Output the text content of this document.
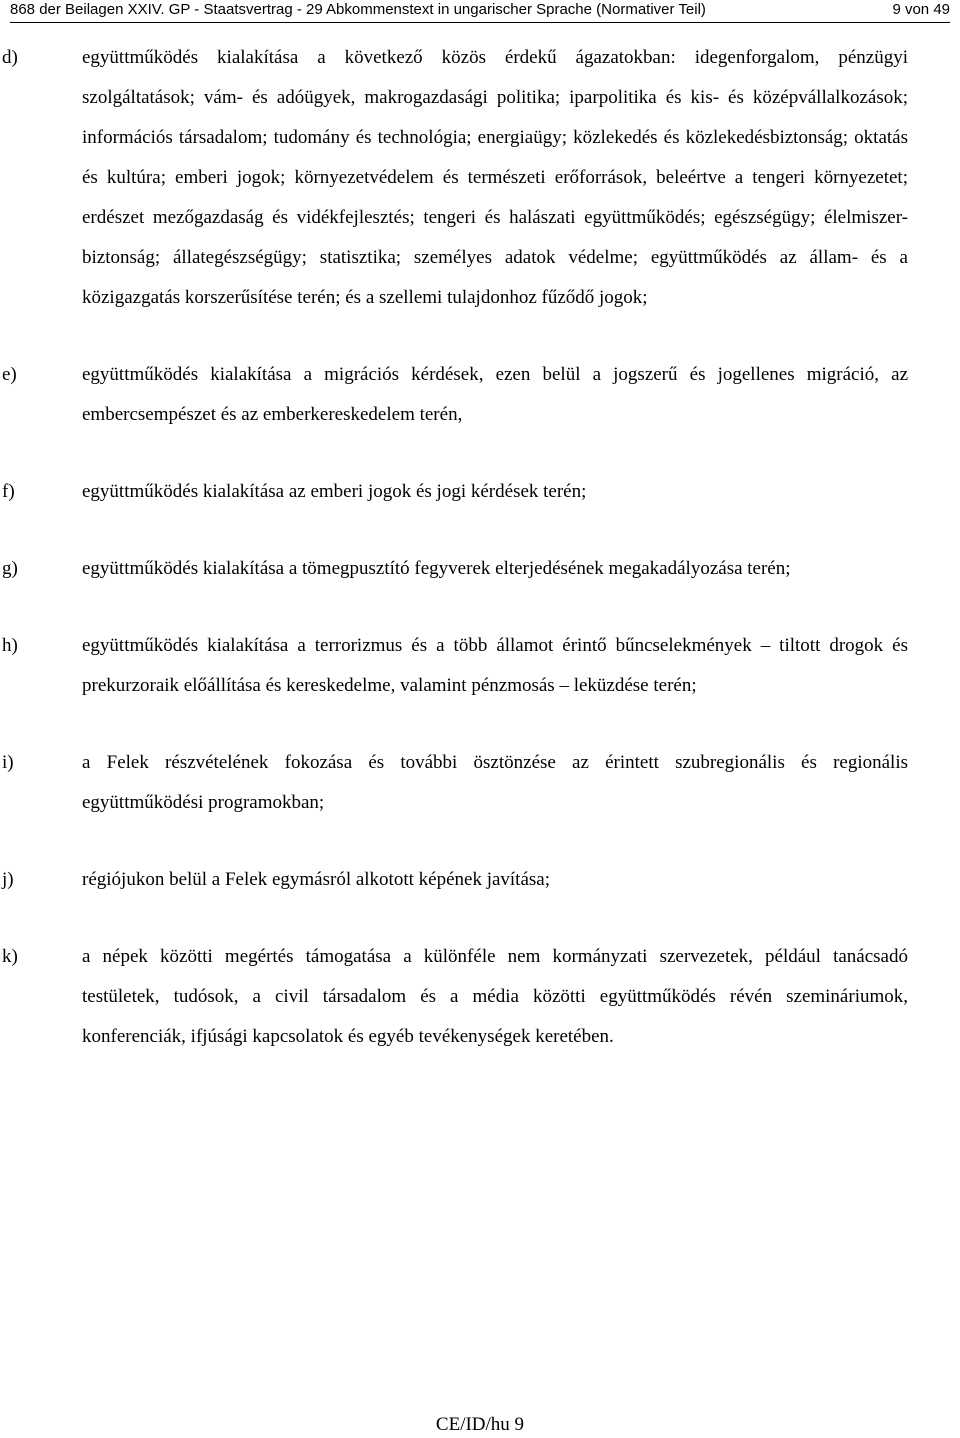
868 der Beilagen XXIV. GP - Staatsvertrag - 29 Abkommenstext in ungarischer Sprache (Normativer Teil)	9 von 49
d)	együttműködés kialakítása a következő közös érdekű ágazatokban: idegenforgalom, pénzügyi szolgáltatások; vám- és adóügyek, makrogazdasági politika; iparpolitika és kis- és középvállalkozások; információs társadalom; tudomány és technológia; energiaügy; közlekedés és közlekedésbiztonság; oktatás és kultúra; emberi jogok; környezetvédelem és természeti erőforrások, beleértve a tengeri környezetet; erdészet mezőgazdaság és vidékfejlesztés; tengeri és halászati együttműködés; egészségügy; élelmiszer-biztonság; állategészségügy; statisztika; személyes adatok védelme; együttműködés az állam- és a közigazgatás korszerűsítése terén; és a szellemi tulajdonhoz fűződő jogok;
e)	együttműködés kialakítása a migrációs kérdések, ezen belül a jogszerű és jogellenes migráció, az embercsempészet és az emberkereskedelem terén,
f)	együttműködés kialakítása az emberi jogok és jogi kérdések terén;
g)	együttműködés kialakítása a tömegpusztító fegyverek elterjedésének megakadályozása terén;
h)	együttműködés kialakítása a terrorizmus és a több államot érintő bűncselekmények – tiltott drogok és prekurzoraik előállítása és kereskedelme, valamint pénzmosás – leküzdése terén;
i)	a Felek részvételének fokozása és további ösztönzése az érintett szubregionális és regionális együttműködési programokban;
j)	régiójukon belül a Felek egymásról alkotott képének javítása;
k)	a népek közötti megértés támogatása a különféle nem kormányzati szervezetek, például tanácsadó testületek, tudósok, a civil társadalom és a média közötti együttműködés révén szemináriumok, konferenciák, ifjúsági kapcsolatok és egyéb tevékenységek keretében.
CE/ID/hu 9
